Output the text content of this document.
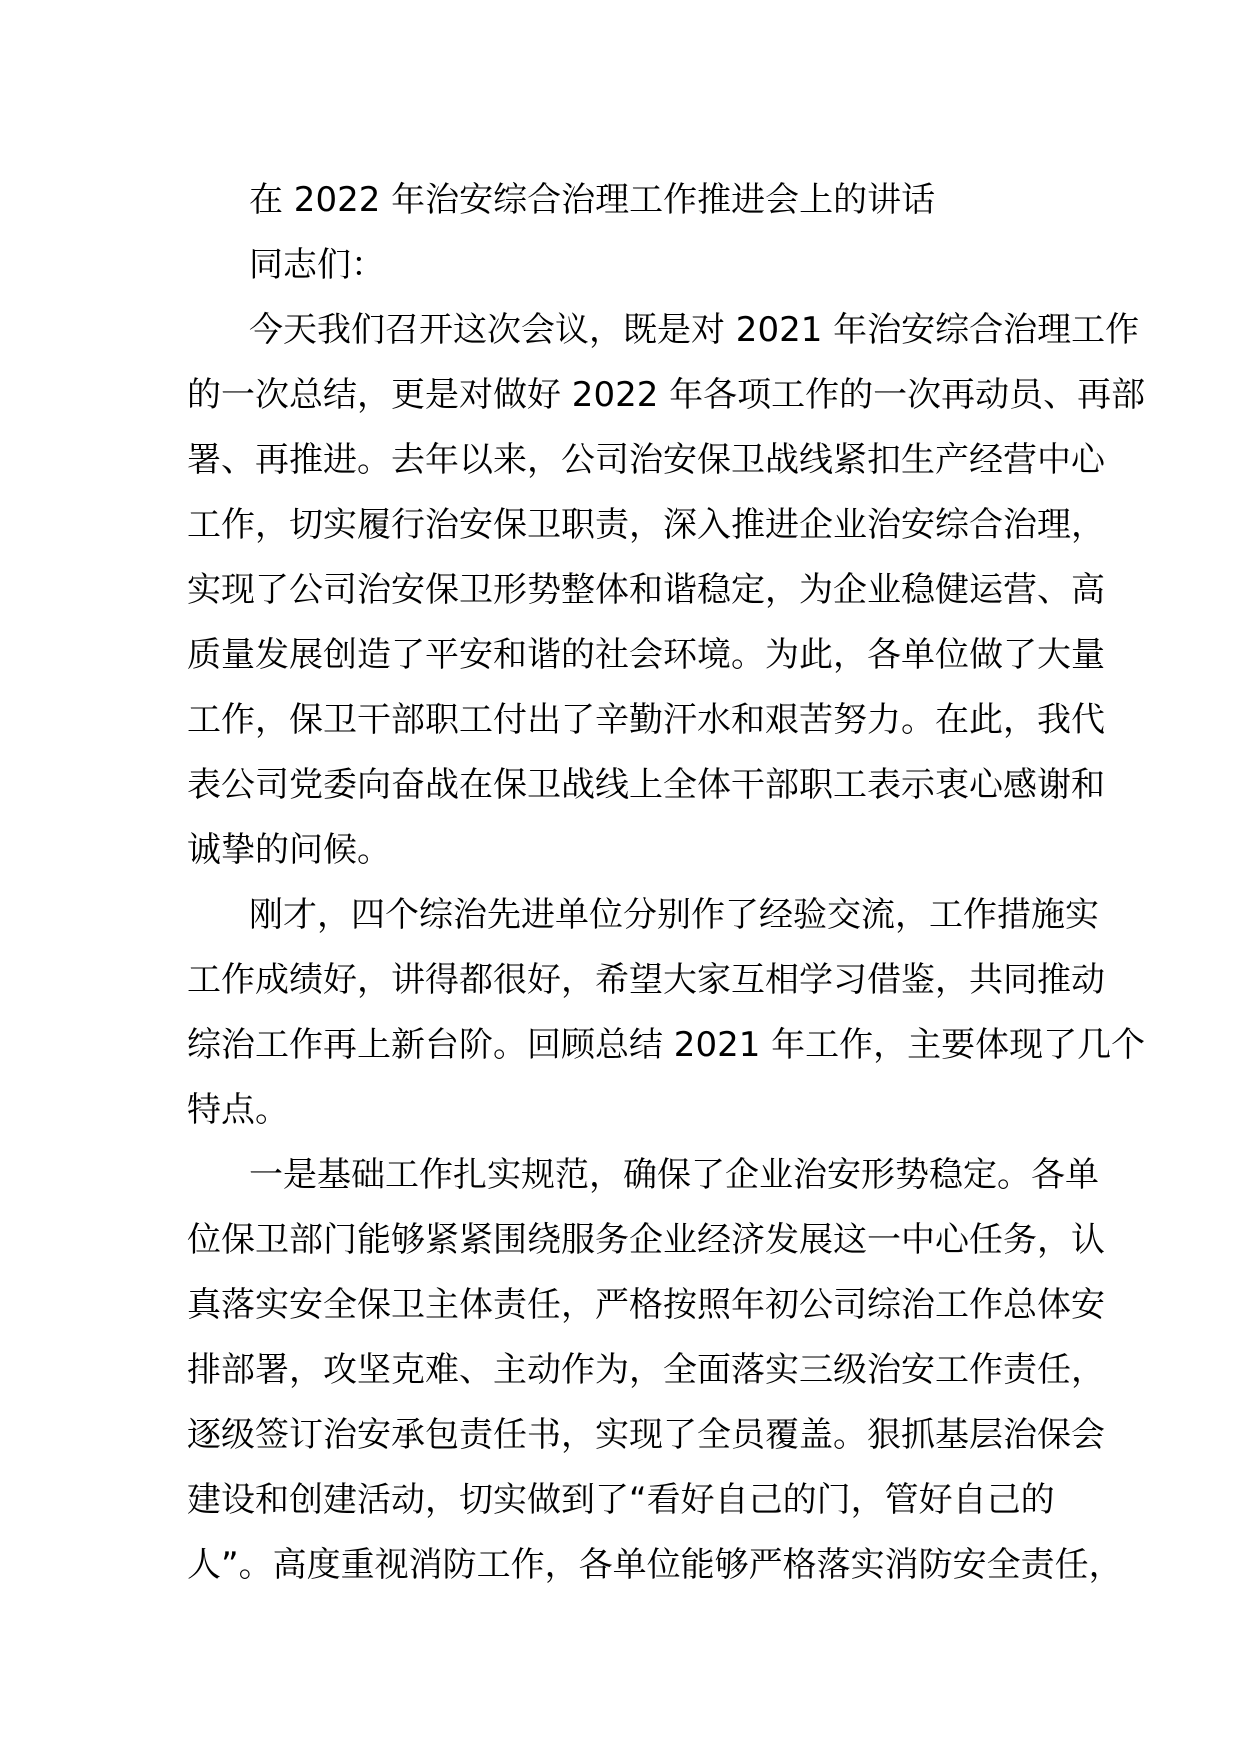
在 2022 年治安综合治理工作推进会上的讲话
同志们：
今天我们召开这次会议，既是对 2021 年治安综合治理工作
的一次总结，更是对做好 2022 年各项工作的一次再动员、再部
署、再推进。去年以来，公司治安保卫战线紧扣生产经营中心
工作，切实履行治安保卫职责，深入推进企业治安综合治理，
实现了公司治安保卫形势整体和谐稳定，为企业稳健运营、高
质量发展创造了平安和谐的社会环境。为此，各单位做了大量
工作，保卫干部职工付出了辛勤汗水和艰苦努力。在此，我代
表公司党委向奋战在保卫战线上全体干部职工表示衷心感谢和
诚挚的问候。
刚才，四个综治先进单位分别作了经验交流，工作措施实
工作成绩好，讲得都很好，希望大家互相学习借鉴，共同推动
综治工作再上新台阶。回顾总结 2021 年工作，主要体现了几个
特点。
一是基础工作扎实规范，确保了企业治安形势稳定。各单
位保卫部门能够紧紧围绕服务企业经济发展这一中心任务，认
真落实安全保卫主体责任，严格按照年初公司综治工作总体安
排部署，攻坚克难、主动作为，全面落实三级治安工作责任，
逐级签订治安承包责任书，实现了全员覆盖。狠抓基层治保会
建设和创建活动，切实做到了“看好自己的门，管好自己的
人”。高度重视消防工作，各单位能够严格落实消防安全责任，
